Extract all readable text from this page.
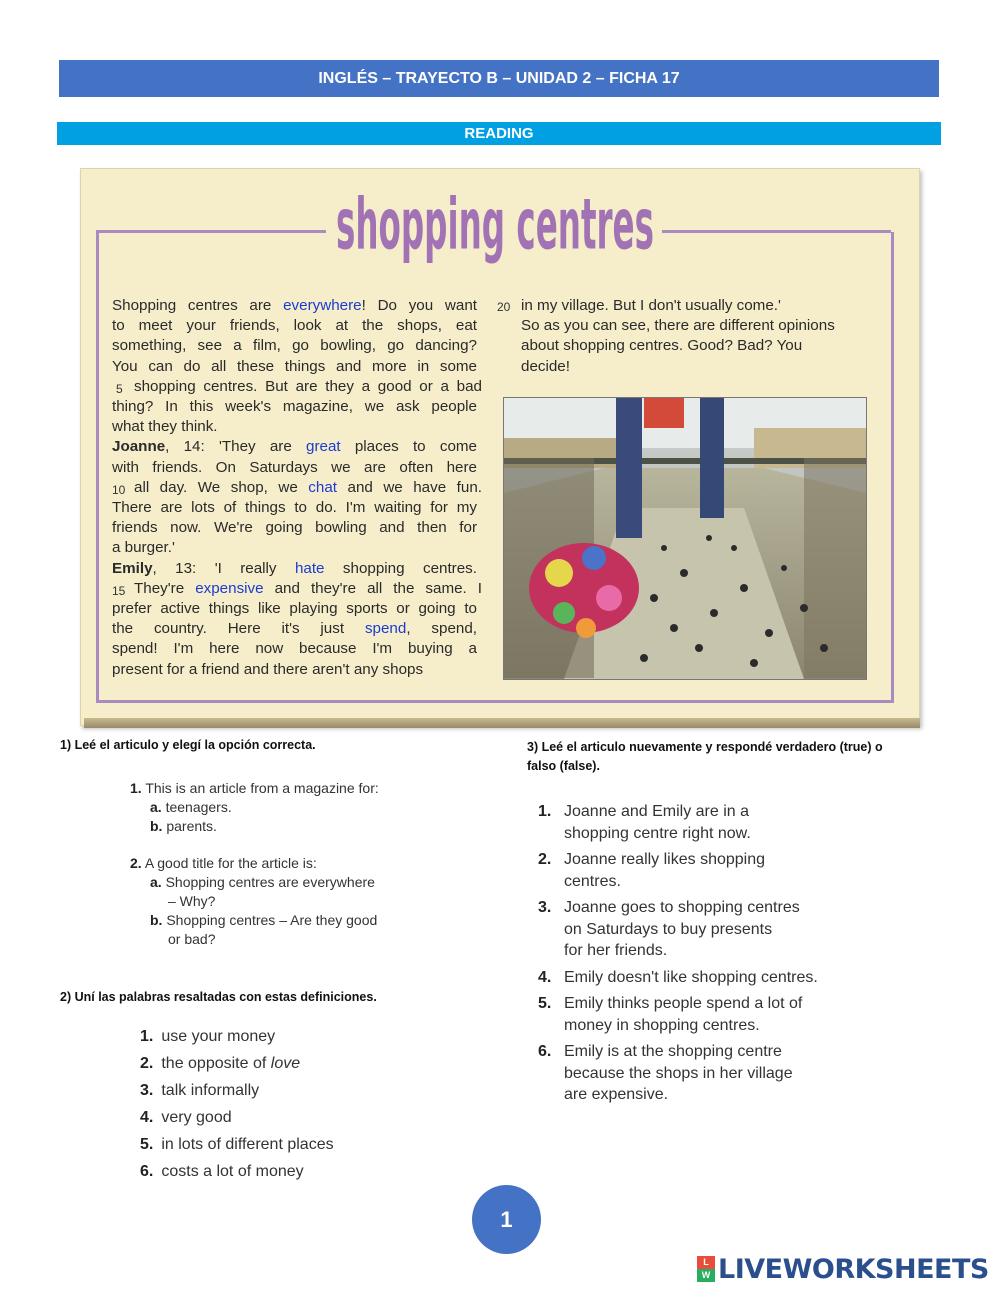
INGLÉS – TRAYECTO B – UNIDAD 2 – FICHA 17
READING
shopping centres
Shopping centres are everywhere! Do you want
to meet your friends, look at the shops, eat
something, see a film, go bowling, go dancing?
You can do all these things and more in some
shopping centres. But are they a good or a bad
thing? In this week's magazine, we ask people
what they think.
Joanne, 14: 'They are great places to come
with friends. On Saturdays we are often here
all day. We shop, we chat and we have fun.
There are lots of things to do. I'm waiting for my
friends now. We're going bowling and then for
a burger.'
Emily, 13: 'I really hate shopping centres.
They're expensive and they're all the same. I
prefer active things like playing sports or going to
the country. Here it's just spend, spend,
spend! I'm here now because I'm buying a
present for a friend and there aren't any shops
in my village. But I don't usually come.'
So as you can see, there are different opinions
about shopping centres. Good? Bad? You
decide!
5
10
15
20
1) Leé el articulo y elegí la opción correcta.
1. This is an article from a magazine for:
a. teenagers.
b. parents.
2. A good title for the article is:
a. Shopping centres are everywhere
– Why?
b. Shopping centres – Are they good
or bad?
2) Uní las palabras resaltadas con estas definiciones.
1. use your money
2. the opposite of love
3. talk informally
4. very good
5. in lots of different places
6. costs a lot of money
3) Leé el articulo nuevamente y respondé verdadero (true) o
falso (false).
1. Joanne and Emily are in a
shopping centre right now.
2. Joanne really likes shopping
centres.
3. Joanne goes to shopping centres
on Saturdays to buy presents
for her friends.
4. Emily doesn't like shopping centres.
5. Emily thinks people spend a lot of
money in shopping centres.
6. Emily is at the shopping centre
because the shops in her village
are expensive.
1
L
W LIVEWORKSHEETS
